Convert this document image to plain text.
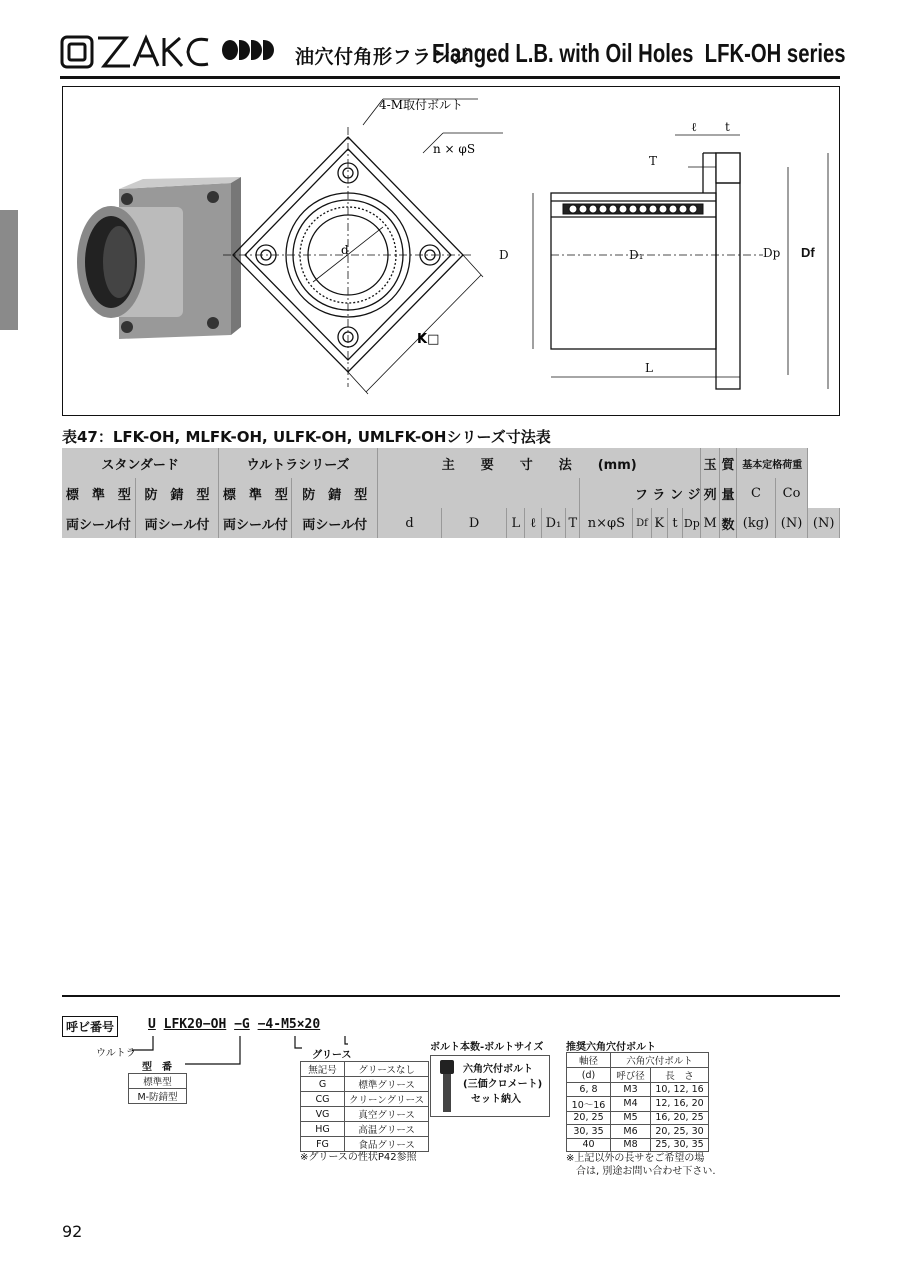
油穴付角形フランジ
Flanged L.B. with Oil Holes LFK-OH series
4-M取付ボルト
n × φS
d
K□
D	D₁	Dp Df
L
ℓ t
T
表47：LFK-OH, MLFK-OH, ULFK-OH, UMLFK-OHシリーズ寸法表
スタンダード		ウルトラシリーズ		主　　要　　寸　　法　　(mm)											玉	質	基本定格荷重		
標　準　型	防　錆　型	標　準　型	防　錆　型							フ ラ ン ジ					列	量	C	Co	
両シール付	両シール付	両シール付	両シール付	d	D	L	ℓ	D₁	T	n×φS	Df	K	t	Dp	M	数	(kg)	(N)	(N)
呼ビ番号	U LFK20−OH −G −4-M5×20
ウルトラ
型　番
標準型
M-防錆型
グリース
無記号	グリースなし
G	標準グリース
CG	クリーングリース
VG	真空グリース
HG	高温グリース
FG	食品グリース
※グリースの性状P42参照
ボルト本数-ボルトサイズ
六角穴付ボルト
(三価クロメート)
セット納入
推奨六角穴付ボルト
軸径	六角穴付ボルト	
(d)	呼び径	長　さ
6, 8	M3	10, 12, 16
10～16	M4	12, 16, 20
20, 25	M5	16, 20, 25
30, 35	M6	20, 25, 30
40	M8	25, 30, 35
※上記以外の長サをご希望の場
合は, 別途お問い合わせ下さい.
92
